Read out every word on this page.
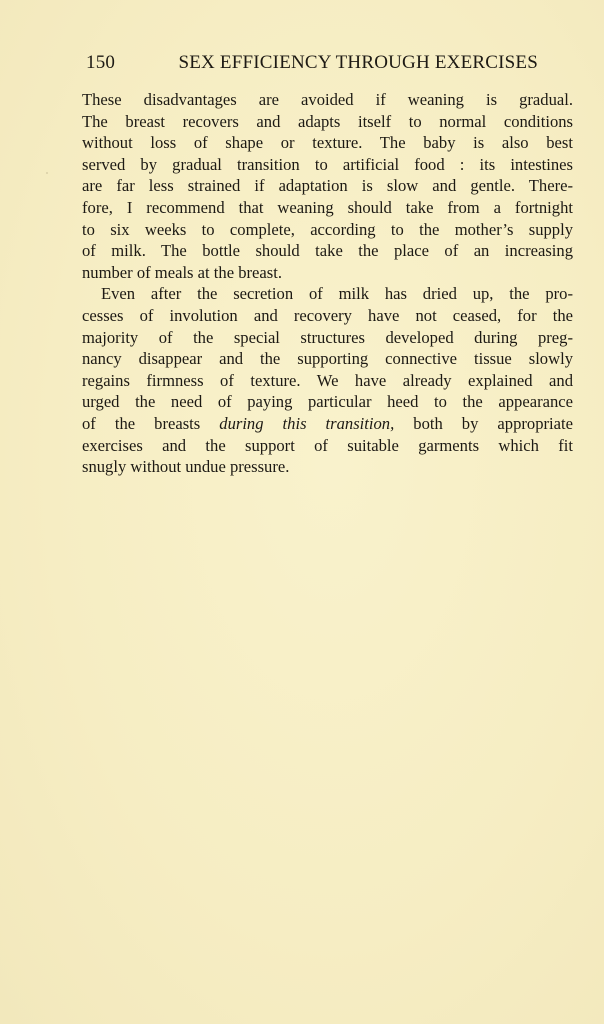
150	SEX EFFICIENCY THROUGH EXERCISES
These disadvantages are avoided if weaning is gradual.
The breast recovers and adapts itself to normal conditions
without loss of shape or texture. The baby is also best
served by gradual transition to artificial food : its intestines
are far less strained if adaptation is slow and gentle. There-
fore, I recommend that weaning should take from a fortnight
to six weeks to complete, according to the mother’s supply
of milk. The bottle should take the place of an increasing
number of meals at the breast.
Even after the secretion of milk has dried up, the pro-
cesses of involution and recovery have not ceased, for the
majority of the special structures developed during preg-
nancy disappear and the supporting connective tissue slowly
regains firmness of texture. We have already explained and
urged the need of paying particular heed to the appearance
of the breasts during this transition, both by appropriate
exercises and the support of suitable garments which fit
snugly without undue pressure.
